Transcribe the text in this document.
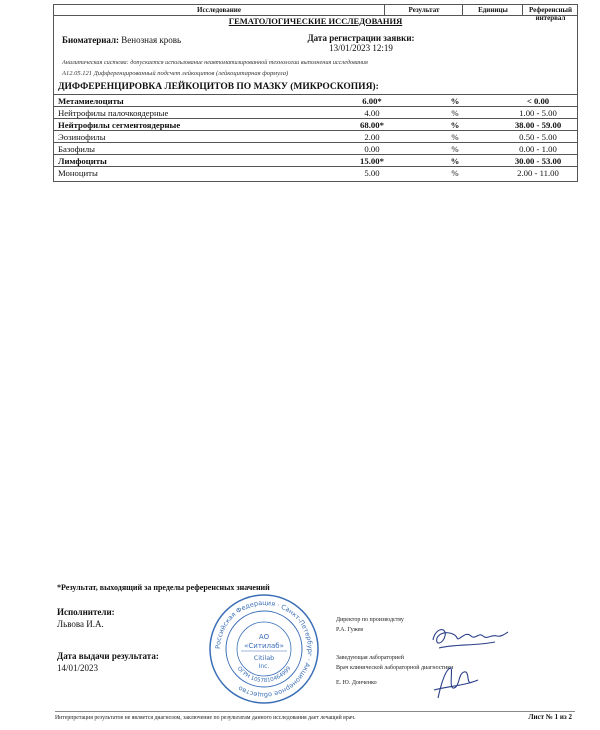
Исследование	Результат	Единицы	Референсный интервал
ГЕМАТОЛОГИЧЕСКИЕ ИССЛЕДОВАНИЯ
Биоматериал: Венозная кровь	Дата регистрации заявки:
13/01/2023 12:19
Аналитическая система: допускается использование неавтоматизированной технологии выполнения исследования
A12.05.121 Дифференцированный подсчет лейкоцитов (лейкоцитарная формула)
ДИФФЕРЕНЦИРОВКА ЛЕЙКОЦИТОВ ПО МАЗКУ (МИКРОСКОПИЯ):
Метамиелоциты	6.00*	%	< 0.00
Нейтрофилы палочкоядерные	4.00	%	1.00 - 5.00
Нейтрофилы сегментоядерные	68.00*	%	38.00 - 59.00
Эозинофилы	2.00	%	0.50 - 5.00
Базофилы	0.00	%	0.00 - 1.00
Лимфоциты	15.00*	%	30.00 - 53.00
Моноциты	5.00	%	2.00 - 11.00
*Результат, выходящий за пределы референсных значений
Исполнители:
Львова И.А.
Дата выдачи результата:
14/01/2023
Российская Федерация · Санкт-Петербург · Акционерное общество
ОГРН 1057810464999
АО
«Ситилаб»
Citilab
Inc.
Директор по производству
Р.А. Гужев
Заведующая лабораторией
Врач клинической лабораторной диагностики
Е. Ю. Донченко
Интерпретация результатов не является диагнозом, заключение по результатам данного исследования дает лечащий врач.	Лист № 1 из 2
